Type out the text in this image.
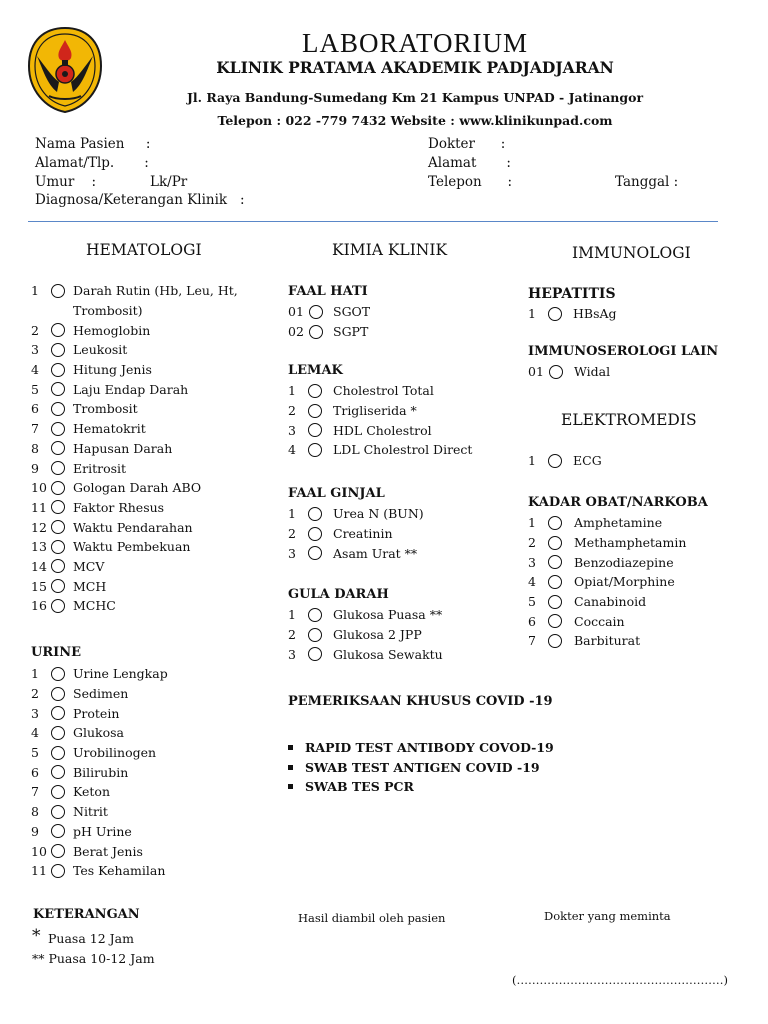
LABORATORIUM
KLINIK PRATAMA AKADEMIK PADJADJARAN
Jl. Raya Bandung-Sumedang Km 21 Kampus UNPAD - Jatinangor
Telepon : 022 -779 7432 Website : www.klinikunpad.com
Nama Pasien     :
Alamat/Tlp.       :
Umur    :	Lk/Pr
Diagnosa/Keterangan Klinik   :
Dokter      :
Alamat       :
Telepon      :	Tanggal :
HEMATOLOGI
1	Darah Rutin (Hb, Leu, Ht,
Trombosit)
2	Hemoglobin
3	Leukosit
4	Hitung Jenis
5	Laju Endap Darah
6	Trombosit
7	Hematokrit
8	Hapusan Darah
9	Eritrosit
10	Gologan Darah ABO
11	Faktor Rhesus
12	Waktu Pendarahan
13	Waktu Pembekuan
14	MCV
15	MCH
16	MCHC
URINE
1	Urine Lengkap
2	Sedimen
3	Protein
4	Glukosa
5	Urobilinogen
6	Bilirubin
7	Keton
8	Nitrit
9	pH Urine
10	Berat Jenis
11	Tes Kehamilan
KIMIA KLINIK
FAAL HATI
01 SGOT
02 SGPT
LEMAK
1	Cholestrol Total
2	Trigliserida *
3	HDL Cholestrol
4	LDL Cholestrol Direct
FAAL GINJAL
1	Urea N (BUN)
2	Creatinin
3	Asam Urat **
GULA DARAH
1	Glukosa Puasa **
2	Glukosa 2 JPP
3	Glukosa Sewaktu
PEMERIKSAAN KHUSUS COVID -19
RAPID TEST ANTIBODY COVOD-19
SWAB TEST ANTIGEN COVID -19
SWAB TES PCR
IMMUNOLOGI
HEPATITIS
1	HBsAg
IMMUNOSEROLOGI LAIN
01 Widal
ELEKTROMEDIS
1	ECG
KADAR OBAT/NARKOBA
1	Amphetamine
2	Methamphetamin
3	Benzodiazepine
4	Opiat/Morphine
5	Canabinoid
6	Coccain
7	Barbiturat
KETERANGAN
* Puasa 12 Jam
** Puasa 10-12 Jam
Hasil diambil oleh pasien	Dokter yang meminta
(………………………………………………)
